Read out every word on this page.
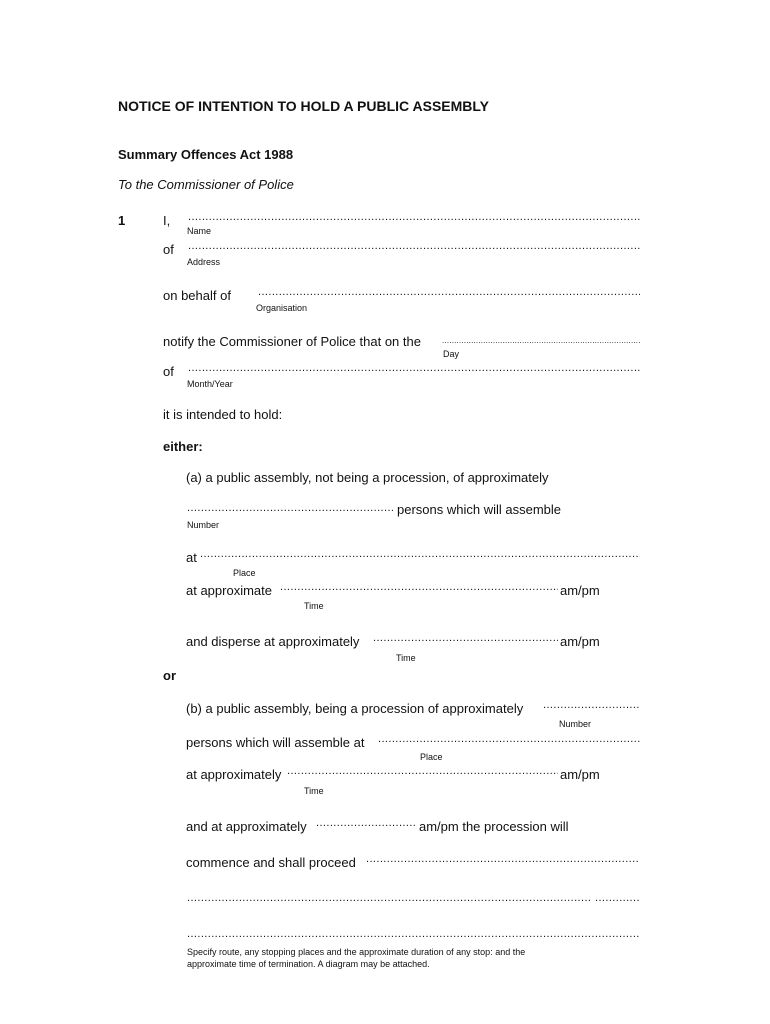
NOTICE OF INTENTION TO HOLD A PUBLIC ASSEMBLY
Summary Offences Act 1988
To the Commissioner of Police
1	I,
.....
Name
of
.....
Address
on behalf of
.....
Organisation
notify the Commissioner of Police that on the
.....
Day
of
.....
Month/Year
it is intended to hold:
either:
(a) a public assembly, not being a procession, of approximately
.....
persons which will assemble
Number
at
.....
Place
at approximate .....	am/pm
Time
and disperse at approximately .....	am/pm
Time
or
(b) a public assembly, being a procession of approximately
.....
Number
persons which will assemble at
.....
Place
at approximately .....	am/pm
Time
and at approximately .....	am/pm the procession will
commence and shall proceed
.....
.....
.....
.....
Specify route, any stopping places and the approximate duration of any stop: and the
approximate time of termination. A diagram may be attached.
